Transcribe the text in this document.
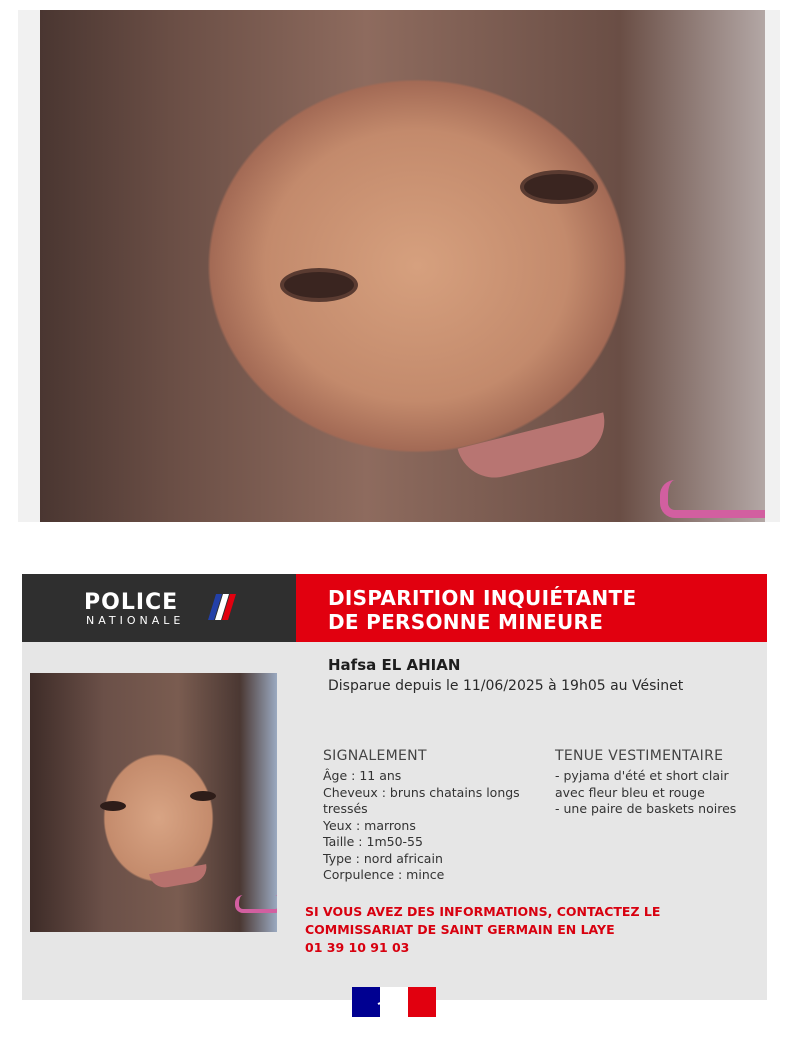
POLICE
NATIONALE
DISPARITION INQUIÉTANTE
DE PERSONNE MINEURE
Hafsa EL AHIAN
Disparue depuis le 11/06/2025 à 19h05 au Vésinet
SIGNALEMENT
Âge : 11 ans
Cheveux : bruns chatains longs
tressés
Yeux : marrons
Taille : 1m50-55
Type : nord africain
Corpulence : mince
TENUE VESTIMENTAIRE
- pyjama d'été et short clair
avec fleur bleu et rouge
- une paire de baskets noires
SI VOUS AVEZ DES INFORMATIONS, CONTACTEZ LE
COMMISSARIAT DE SAINT GERMAIN EN LAYE
01 39 10 91 03
